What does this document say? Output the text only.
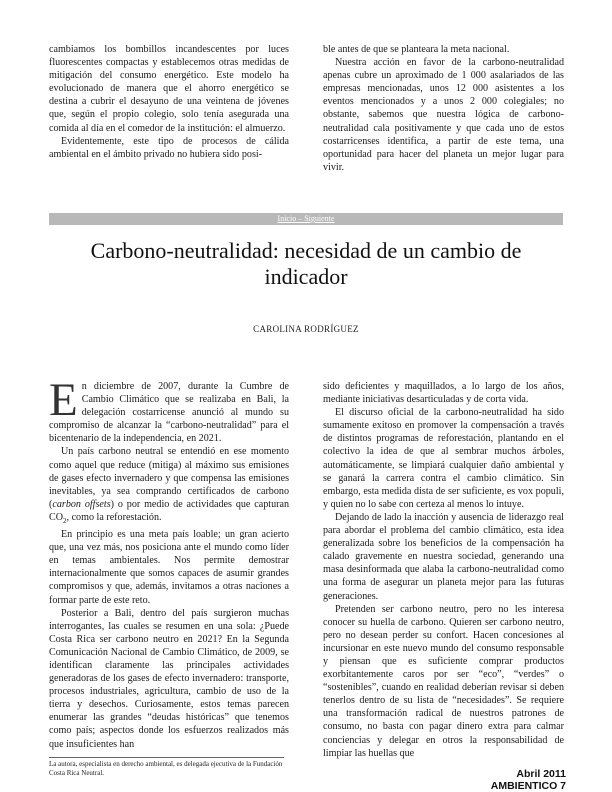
cambiamos los bombillos incandescentes por luces fluorescentes compactas y establecemos otras medidas de mitigación del consumo energético. Este modelo ha evolucionado de manera que el ahorro energético se destina a cubrir el desayuno de una veintena de jóvenes que, según el propio colegio, solo tenía asegurada una comida al día en el comedor de la institución: el almuerzo.

Evidentemente, este tipo de procesos de cálida ambiental en el ámbito privado no hubiera sido posi-

ble antes de que se planteara la meta nacional.

Nuestra acción en favor de la carbono-neutralidad apenas cubre un aproximado de 1 000 asalariados de las empresas mencionadas, unos 12 000 asistentes a los eventos mencionados y a unos 2 000 colegiales; no obstante, sabemos que nuestra lógica de carbono-neutralidad cala positivamente y que cada uno de estos costarricenses identifica, a partir de este tema, una oportunidad para hacer del planeta un mejor lugar para vivir.

Inicio – Siguiente
Carbono-neutralidad: necesidad de un cambio de indicador
CAROLINA RODRÍGUEZ

En diciembre de 2007, durante la Cumbre de Cambio Climático que se realizaba en Bali, la delegación costarricense anunció al mundo su compromiso de alcanzar la “carbono-neutralidad” para el bicentenario de la independencia, en 2021.

Un país carbono neutral se entendió en ese momento como aquel que reduce (mitiga) al máximo sus emisiones de gases efecto invernadero y que compensa las emisiones inevitables, ya sea comprando certificados de carbono (carbon offsets) o por medio de actividades que capturan $CO_2$, como la reforestación.

En principio es una meta país loable; un gran acierto que, una vez más, nos posiciona ante el mundo como líder en temas ambientales. Nos permite demostrar internacionalmente que somos capaces de asumir grandes compromisos y que, además, invitamos a otras naciones a formar parte de este reto.

Posterior a Bali, dentro del país surgieron muchas interrogantes, las cuales se resumen en una sola: ¿Puede Costa Rica ser carbono neutro en 2021? En la Segunda Comunicación Nacional de Cambio Climático, de 2009, se identifican claramente las principales actividades generadoras de los gases de efecto invernadero: transporte, procesos industriales, agricultura, cambio de uso de la tierra y desechos. Curiosamente, estos temas parecen enumerar las grandes “deudas históricas” que tenemos como país; aspectos donde los esfuerzos realizados más que insuficientes han

sido deficientes y maquillados, a lo largo de los años, mediante iniciativas desarticuladas y de corta vida.

El discurso oficial de la carbono-neutralidad ha sido sumamente exitoso en promover la compensación a través de distintos programas de reforestación, plantando en el colectivo la idea de que al sembrar muchos árboles, automáticamente, se limpiará cualquier daño ambiental y se ganará la carrera contra el cambio climático. Sin embargo, esta medida dista de ser suficiente, es vox populi, y quien no lo sabe con certeza al menos lo intuye.

Dejando de lado la inacción y ausencia de liderazgo real para abordar el problema del cambio climático, esta idea generalizada sobre los beneficios de la compensación ha calado gravemente en nuestra sociedad, generando una masa desinformada que alaba la carbono-neutralidad como una forma de asegurar un planeta mejor para las futuras generaciones.

Pretenden ser carbono neutro, pero no les interesa conocer su huella de carbono. Quieren ser carbono neutro, pero no desean perder su confort. Hacen concesiones al incursionar en este nuevo mundo del consumo responsable y piensan que es suficiente comprar productos exorbitantemente caros por ser “eco”, “verdes” o “sostenibles”, cuando en realidad deberían revisar si deben tenerlos dentro de su lista de “necesidades”. Se requiere una transformación radical de nuestros patrones de consumo, no basta con pagar dinero extra para calmar conciencias y delegar en otros la responsabilidad de limpiar las huellas que

La autora, especialista en derecho ambiental, es delegada ejecutiva de la Fundación Costa Rica Neutral.	Abril 2011 AMBIENTICO 7
